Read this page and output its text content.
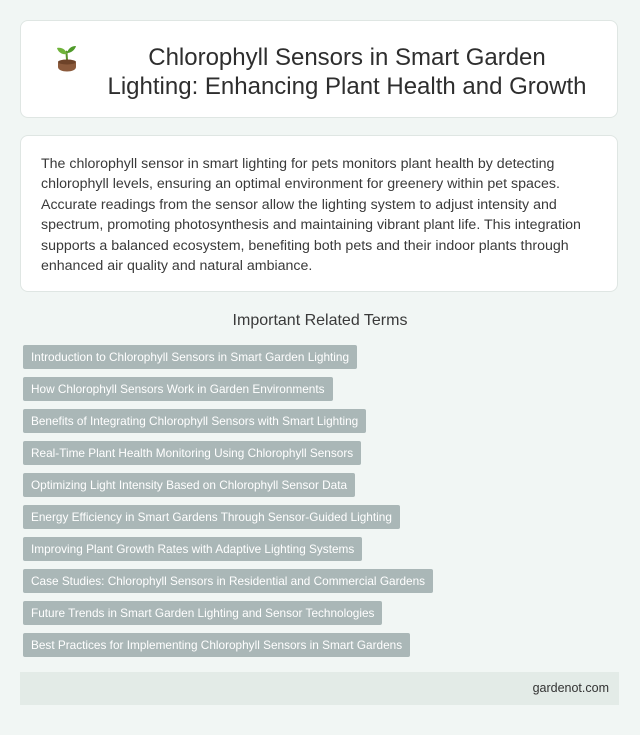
Chlorophyll Sensors in Smart Garden Lighting: Enhancing Plant Health and Growth

The chlorophyll sensor in smart lighting for pets monitors plant health by detecting chlorophyll levels, ensuring an optimal environment for greenery within pet spaces. Accurate readings from the sensor allow the lighting system to adjust intensity and spectrum, promoting photosynthesis and maintaining vibrant plant life. This integration supports a balanced ecosystem, benefiting both pets and their indoor plants through enhanced air quality and natural ambiance.

Important Related Terms
Introduction to Chlorophyll Sensors in Smart Garden Lighting
How Chlorophyll Sensors Work in Garden Environments
Benefits of Integrating Chlorophyll Sensors with Smart Lighting
Real-Time Plant Health Monitoring Using Chlorophyll Sensors
Optimizing Light Intensity Based on Chlorophyll Sensor Data
Energy Efficiency in Smart Gardens Through Sensor-Guided Lighting
Improving Plant Growth Rates with Adaptive Lighting Systems
Case Studies: Chlorophyll Sensors in Residential and Commercial Gardens
Future Trends in Smart Garden Lighting and Sensor Technologies
Best Practices for Implementing Chlorophyll Sensors in Smart Gardens
gardenot.com
